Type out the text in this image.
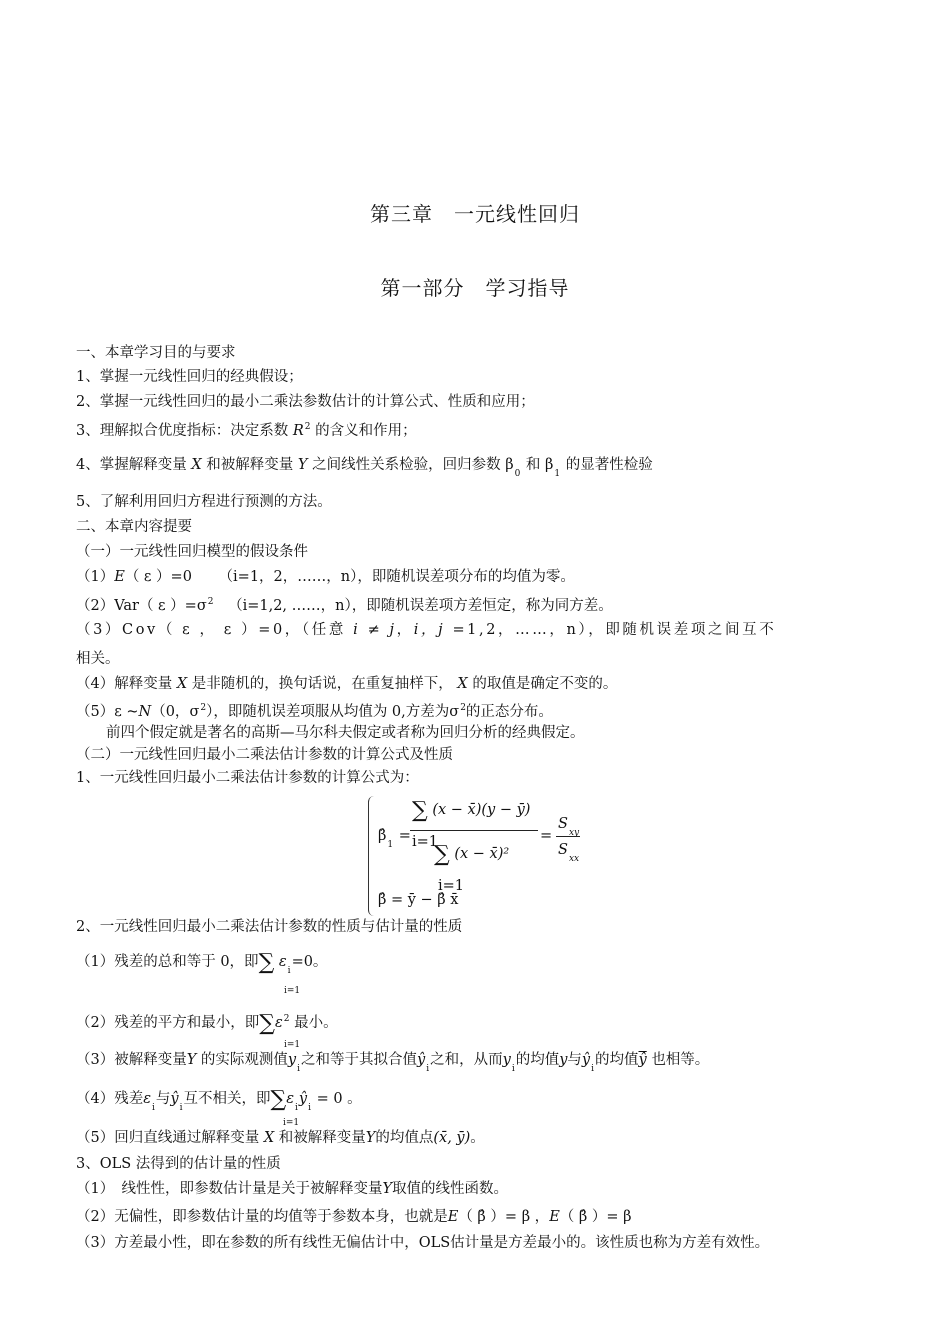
第三章　一元线性回归
第一部分　学习指导
一、本章学习目的与要求
1、掌握一元线性回归的经典假设；
2、掌握一元线性回归的最小二乘法参数估计的计算公式、性质和应用；
3、理解拟合优度指标：决定系数 $R^2$ 的含义和作用；
4、掌握解释变量 X 和被解释变量 Y 之间线性关系检验，回归参数 $\beta_0$ 和 $\beta_1$ 的显著性检验
5、了解利用回归方程进行预测的方法。
二、本章内容提要
（一）一元线性回归模型的假设条件
（1）E（ ε ）=0 （i=1，2，……，n），即随机误差项分布的均值为零。
（2）Var（ ε ）$=\sigma^2$ （i=1,2, ……，n），即随机误差项方差恒定，称为同方差。
（3）Cov（ ε ， ε ）=0，（任意 i ≠ j，i，j =1,2，……，n），即随机误差项之间互不
相关。
（4）解释变量 X 是非随机的，换句话说，在重复抽样下， X 的取值是确定不变的。
（5）ε ~N（0，$\sigma^2$），即随机误差项服从均值为 0,方差为$\sigma^2$的正态分布。
前四个假定就是著名的高斯—马尔科夫假定或者称为回归分析的经典假定。
（二）一元线性回归最小二乘法估计参数的计算公式及性质
1、一元线性回归最小二乘法估计参数的计算公式为：
$\betâ_1$ =
∑ (x − x̄)(y − ȳ)
i=1
∑ (x − x̄)²
i=1
=
$S_{xy}$
$S_{xx}$
β̂ = ȳ − β̂ x̄
2、一元线性回归最小二乘法估计参数的性质与估计量的性质
（1）残差的总和等于 0，即∑ $\varepsilon_i=0$。
i=1
（2）残差的平方和最小，即$\sum\varepsilon^2$ 最小。
i=1
（3）被解释变量Y 的实际观测值$y_i$之和等于其拟合值$ŷ_i$之和，从而$y_i$的均值y与$ŷ_i$的均值$\overline{ŷ}$ 也相等。
（4）残差$\varepsilon_i$与$ŷ_i$互不相关，即$\sum\varepsilon_iŷ_i = 0$ 。
i=1
（5）回归直线通过解释变量 X 和被解释变量Y的均值点(x̄, ȳ)。
3、OLS 法得到的估计量的性质
（1）　线性性，即参数估计量是关于被解释变量Y取值的线性函数。
（2）无偏性，即参数估计量的均值等于参数本身，也就是E（ β̂ ）= β ，E（ β̂ ）= β
（3）方差最小性，即在参数的所有线性无偏估计中，OLS估计量是方差最小的。该性质也称为方差有效性。
